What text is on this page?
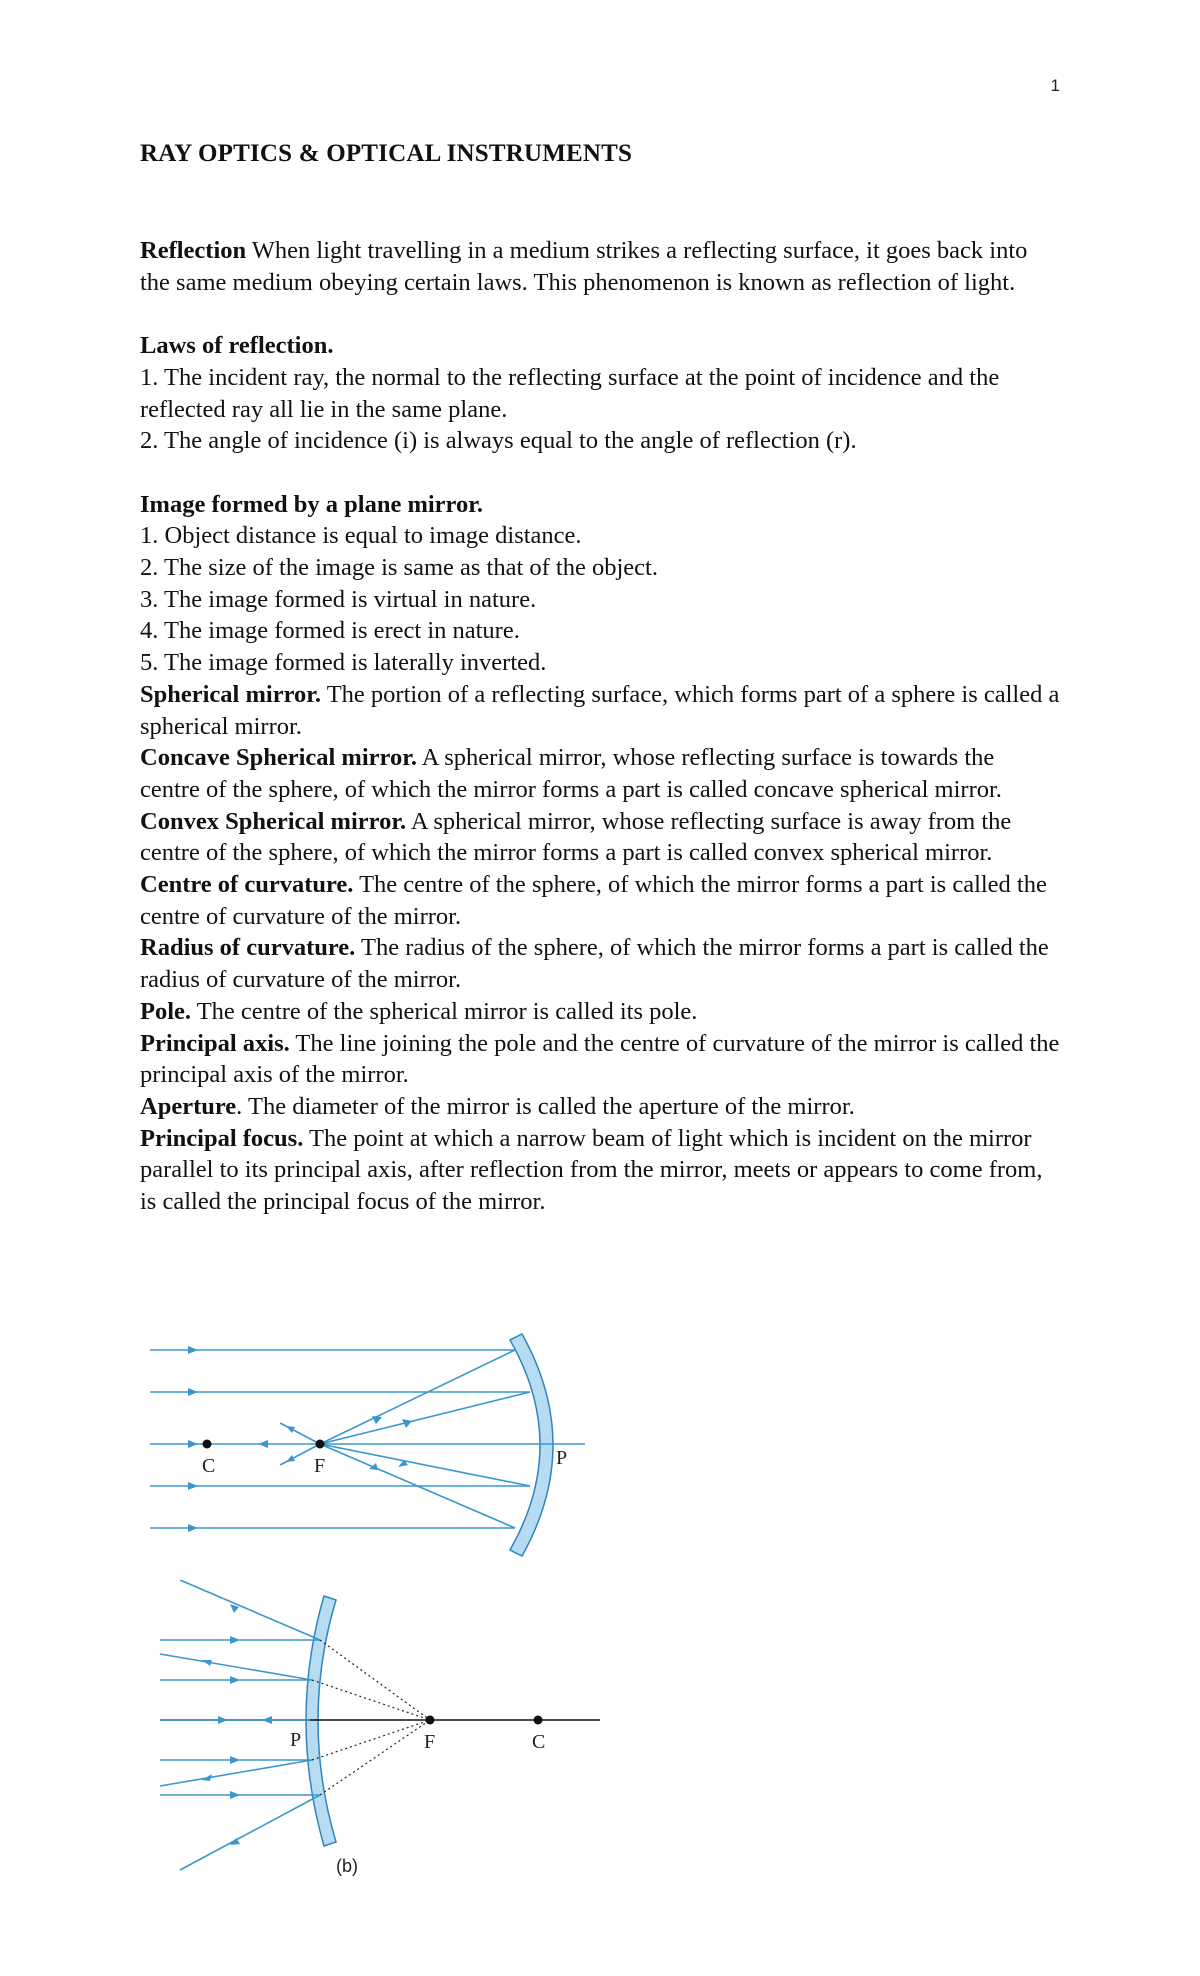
1
RAY OPTICS & OPTICAL INSTRUMENTS

Reflection When light travelling in a medium strikes a reflecting surface, it goes back into the same medium obeying certain laws. This phenomenon is known as reflection of light.

Laws of reflection.

1. The incident ray, the normal to the reflecting surface at the point of incidence and the reflected ray all lie in the same plane.

2. The angle of incidence (i) is always equal to the angle of reflection (r).

Image formed by a plane mirror.

1. Object distance is equal to image distance.

2. The size of the image is same as that of the object.

3. The image formed is virtual in nature.

4. The image formed is erect in nature.

5. The image formed is laterally inverted.

Spherical mirror. The portion of a reflecting surface, which forms part of a sphere is called a spherical mirror.

Concave Spherical mirror. A spherical mirror, whose reflecting surface is towards the centre of the sphere, of which the mirror forms a part is called concave spherical mirror.

Convex Spherical mirror. A spherical mirror, whose reflecting surface is away from the centre of the sphere, of which the mirror forms a part is called convex spherical mirror.

Centre of curvature. The centre of the sphere, of which the mirror forms a part is called the centre of curvature of the mirror.

Radius of curvature. The radius of the sphere, of which the mirror forms a part is called the radius of curvature of the mirror.

Pole. The centre of the spherical mirror is called its pole.

Principal axis. The line joining the pole and the centre of curvature of the mirror is called the principal axis of the mirror.

Aperture. The diameter of the mirror is called the aperture of the mirror.

Principal focus. The point at which a narrow beam of light which is incident on the mirror parallel to its principal axis, after reflection from the mirror, meets or appears to come from, is called the principal focus of the mirror.

C	F	P
P	F	C
(b)
